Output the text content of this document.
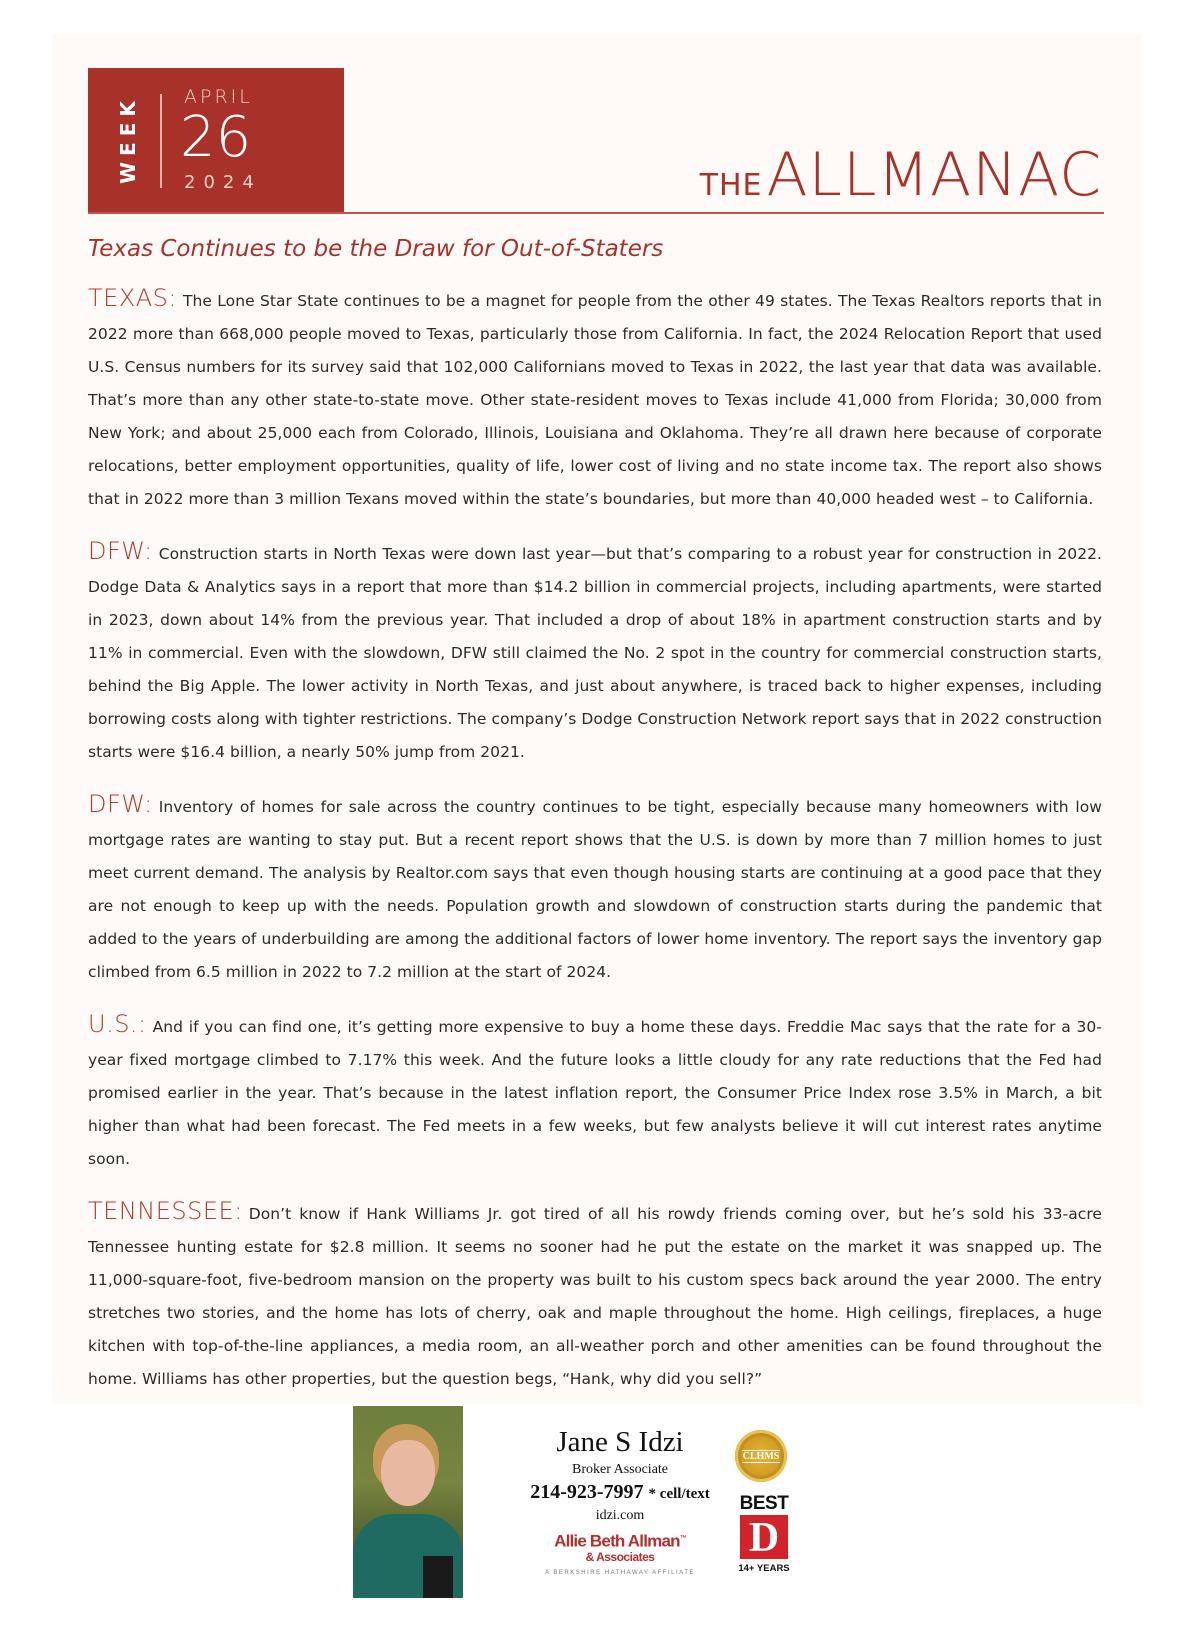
WEEK	APRIL
26
2024	THEALLMANAC
Texas Continues to be the Draw for Out-of-Staters

TEXAS: The Lone Star State continues to be a magnet for people from the other 49 states. The Texas Realtors reports that in 2022 more than 668,000 people moved to Texas, particularly those from California. In fact, the 2024 Relocation Report that used U.S. Census numbers for its survey said that 102,000 Californians moved to Texas in 2022, the last year that data was available. That’s more than any other state-to-state move. Other state-resident moves to Texas include 41,000 from Florida; 30,000 from New York; and about 25,000 each from Colorado, Illinois, Louisiana and Oklahoma. They’re all drawn here because of corporate relocations, better employment opportunities, quality of life, lower cost of living and no state income tax. The report also shows that in 2022 more than 3 million Texans moved within the state’s boundaries, but more than 40,000 headed west – to California.

DFW: Construction starts in North Texas were down last year—but that’s comparing to a robust year for construction in 2022. Dodge Data & Analytics says in a report that more than $14.2 billion in commercial projects, including apartments, were started in 2023, down about 14% from the previous year. That included a drop of about 18% in apartment construction starts and by 11% in commercial. Even with the slowdown, DFW still claimed the No. 2 spot in the country for commercial construction starts, behind the Big Apple. The lower activity in North Texas, and just about anywhere, is traced back to higher expenses, including borrowing costs along with tighter restrictions. The company’s Dodge Construction Network report says that in 2022 construction starts were $16.4 billion, a nearly 50% jump from 2021.

DFW: Inventory of homes for sale across the country continues to be tight, especially because many homeowners with low mortgage rates are wanting to stay put. But a recent report shows that the U.S. is down by more than 7 million homes to just meet current demand. The analysis by Realtor.com says that even though housing starts are continuing at a good pace that they are not enough to keep up with the needs. Population growth and slowdown of construction starts during the pandemic that added to the years of underbuilding are among the additional factors of lower home inventory. The report says the inventory gap climbed from 6.5 million in 2022 to 7.2 million at the start of 2024.

U.S.: And if you can find one, it’s getting more expensive to buy a home these days. Freddie Mac says that the rate for a 30-year fixed mortgage climbed to 7.17% this week. And the future looks a little cloudy for any rate reductions that the Fed had promised earlier in the year. That’s because in the latest inflation report, the Consumer Price Index rose 3.5% in March, a bit higher than what had been forecast. The Fed meets in a few weeks, but few analysts believe it will cut interest rates anytime soon.

TENNESSEE: Don’t know if Hank Williams Jr. got tired of all his rowdy friends coming over, but he’s sold his 33-acre Tennessee hunting estate for $2.8 million. It seems no sooner had he put the estate on the market it was snapped up. The 11,000-square-foot, five-bedroom mansion on the property was built to his custom specs back around the year 2000. The entry stretches two stories, and the home has lots of cherry, oak and maple throughout the home. High ceilings, fireplaces, a huge kitchen with top-of-the-line appliances, a media room, an all-weather porch and other amenities can be found throughout the home. Williams has other properties, but the question begs, “Hank, why did you sell?”

Jane S Idzi
Broker Associate
214-923-7997 * cell/text
idzi.com
Allie Beth Allman™
& Associates
A BERKSHIRE HATHAWAY AFFILIATE
CLHMS
BEST
D
14+ YEARS
